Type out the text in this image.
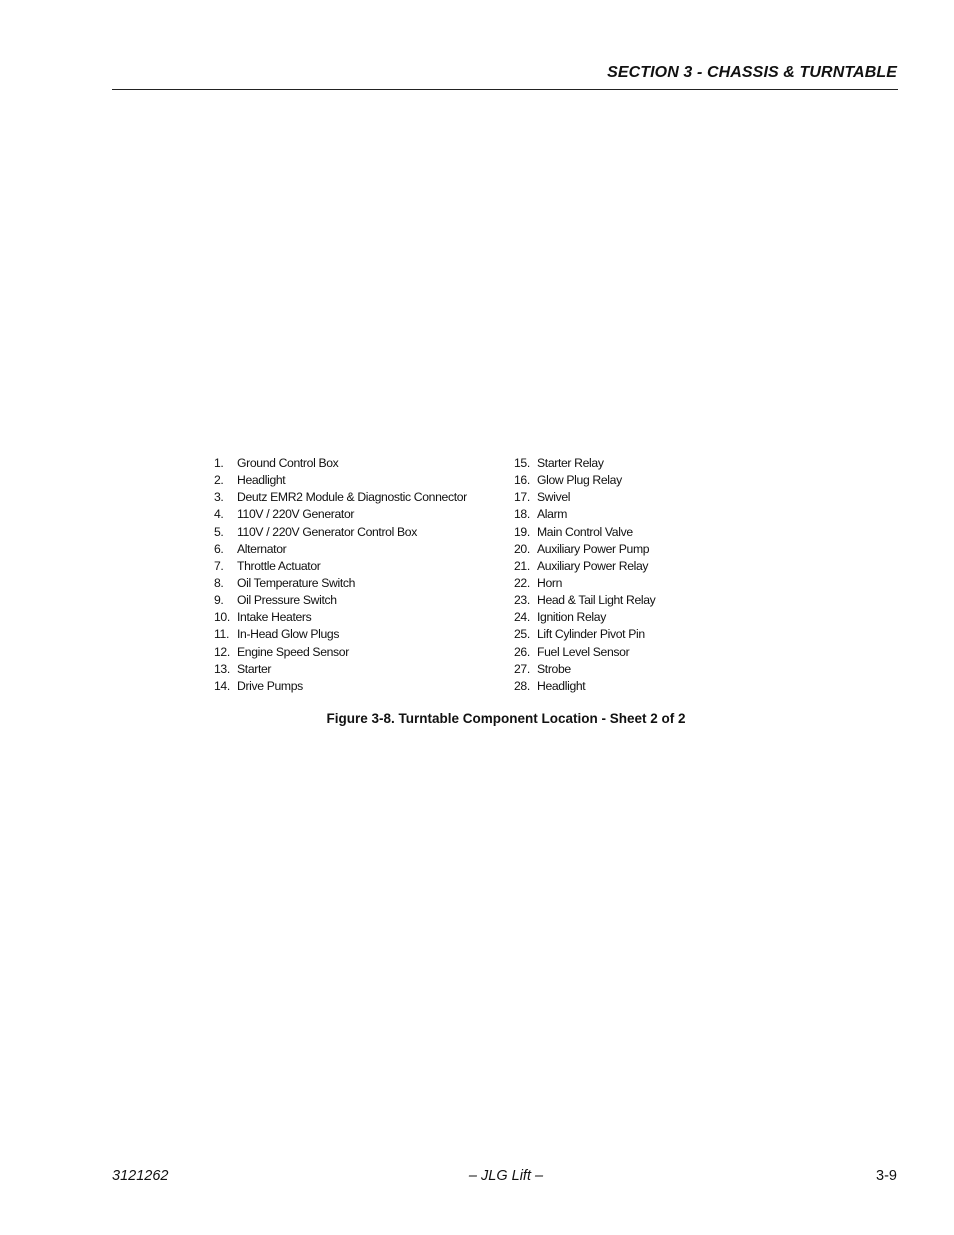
SECTION 3 - CHASSIS & TURNTABLE
1. Ground Control Box
2. Headlight
3. Deutz EMR2 Module & Diagnostic Connector
4. 110V / 220V Generator
5. 110V / 220V Generator Control Box
6. Alternator
7. Throttle Actuator
8. Oil Temperature Switch
9. Oil Pressure Switch
10. Intake Heaters
11. In-Head Glow Plugs
12. Engine Speed Sensor
13. Starter
14. Drive Pumps
15. Starter Relay
16. Glow Plug Relay
17. Swivel
18. Alarm
19. Main Control Valve
20. Auxiliary Power Pump
21. Auxiliary Power Relay
22. Horn
23. Head & Tail Light Relay
24. Ignition Relay
25. Lift Cylinder Pivot Pin
26. Fuel Level Sensor
27. Strobe
28. Headlight
Figure 3-8. Turntable Component Location - Sheet 2 of 2
3121262	– JLG Lift –	3-9
